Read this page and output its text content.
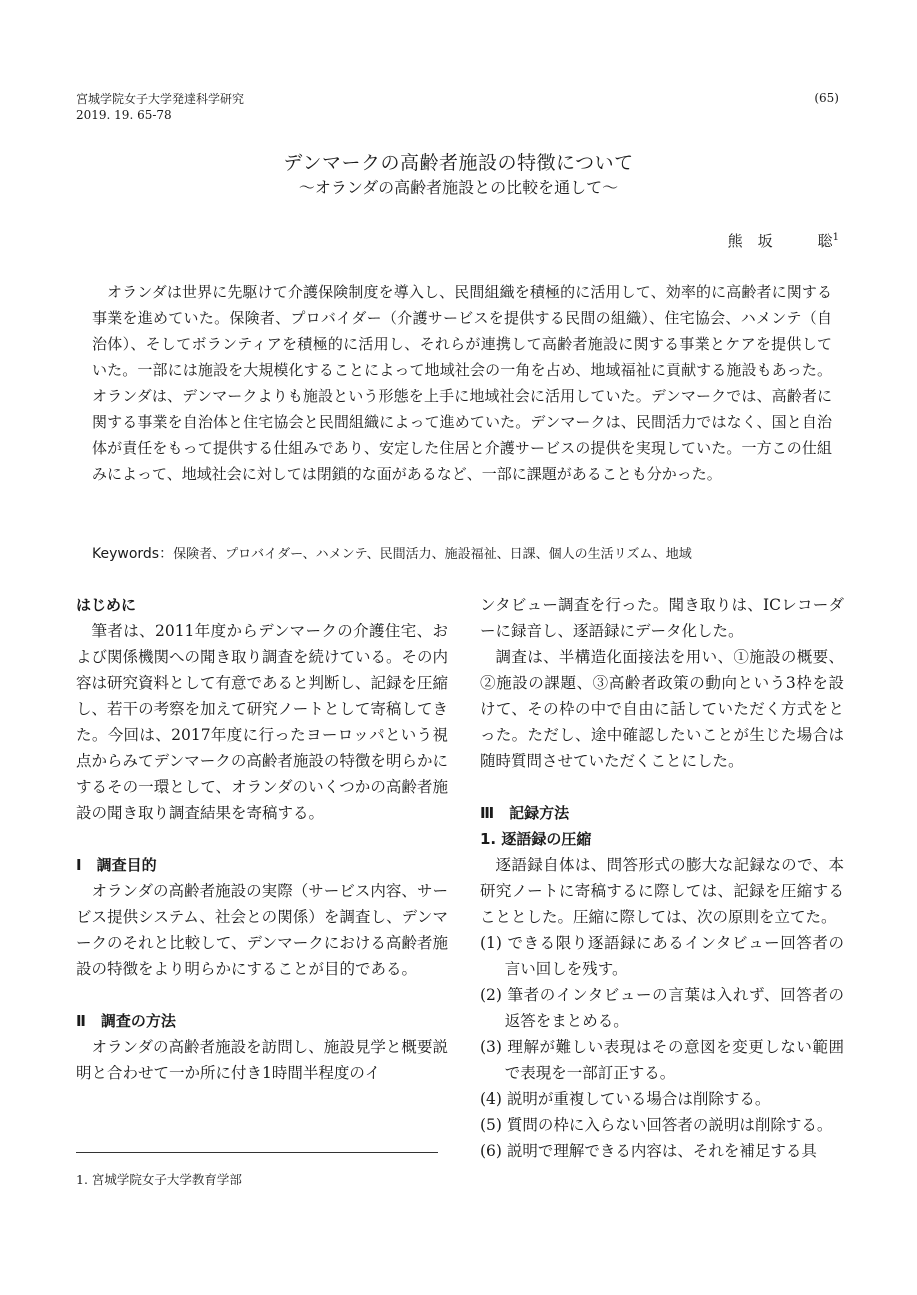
宮城学院女子大学発達科学研究
2019. 19. 65-78
(65)
デンマークの高齢者施設の特徴について
〜オランダの高齢者施設との比較を通して〜
熊　坂　　　聡$^1$

オランダは世界に先駆けて介護保険制度を導入し、民間組織を積極的に活用して、効率的に高齢者に関する事業を進めていた。保険者、プロバイダー（介護サービスを提供する民間の組織）、住宅協会、ハメンテ（自治体）、そしてボランティアを積極的に活用し、それらが連携して高齢者施設に関する事業とケアを提供していた。一部には施設を大規模化することによって地域社会の一角を占め、地域福祉に貢献する施設もあった。オランダは、デンマークよりも施設という形態を上手に地域社会に活用していた。デンマークでは、高齢者に関する事業を自治体と住宅協会と民間組織によって進めていた。デンマークは、民間活力ではなく、国と自治体が責任をもって提供する仕組みであり、安定した住居と介護サービスの提供を実現していた。一方この仕組みによって、地域社会に対しては閉鎖的な面があるなど、一部に課題があることも分かった。

Keywords：保険者、プロバイダー、ハメンテ、民間活力、施設福祉、日課、個人の生活リズム、地域
はじめに

筆者は、2011年度からデンマークの介護住宅、および関係機関への聞き取り調査を続けている。その内容は研究資料として有意であると判断し、記録を圧縮し、若干の考察を加えて研究ノートとして寄稿してきた。今回は、2017年度に行ったヨーロッパという視点からみてデンマークの高齢者施設の特徴を明らかにするその一環として、オランダのいくつかの高齢者施設の聞き取り調査結果を寄稿する。

Ⅰ　調査目的

オランダの高齢者施設の実際（サービス内容、サービス提供システム、社会との関係）を調査し、デンマークのそれと比較して、デンマークにおける高齢者施設の特徴をより明らかにすることが目的である。

Ⅱ　調査の方法

オランダの高齢者施設を訪問し、施設見学と概要説明と合わせて一か所に付き1時間半程度のイ

ンタビュー調査を行った。聞き取りは、ICレコーダーに録音し、逐語録にデータ化した。

調査は、半構造化面接法を用い、①施設の概要、②施設の課題、③高齢者政策の動向という3枠を設けて、その枠の中で自由に話していただく方式をとった。ただし、途中確認したいことが生じた場合は随時質問させていただくことにした。

Ⅲ　記録方法
1. 逐語録の圧縮

逐語録自体は、問答形式の膨大な記録なので、本研究ノートに寄稿するに際しては、記録を圧縮することとした。圧縮に際しては、次の原則を立てた。

(1) できる限り逐語録にあるインタビュー回答者の言い回しを残す。
(2) 筆者のインタビューの言葉は入れず、回答者の返答をまとめる。
(3) 理解が難しい表現はその意図を変更しない範囲で表現を一部訂正する。
(4) 説明が重複している場合は削除する。
(5) 質問の枠に入らない回答者の説明は削除する。
(6) 説明で理解できる内容は、それを補足する具
1. 宮城学院女子大学教育学部
